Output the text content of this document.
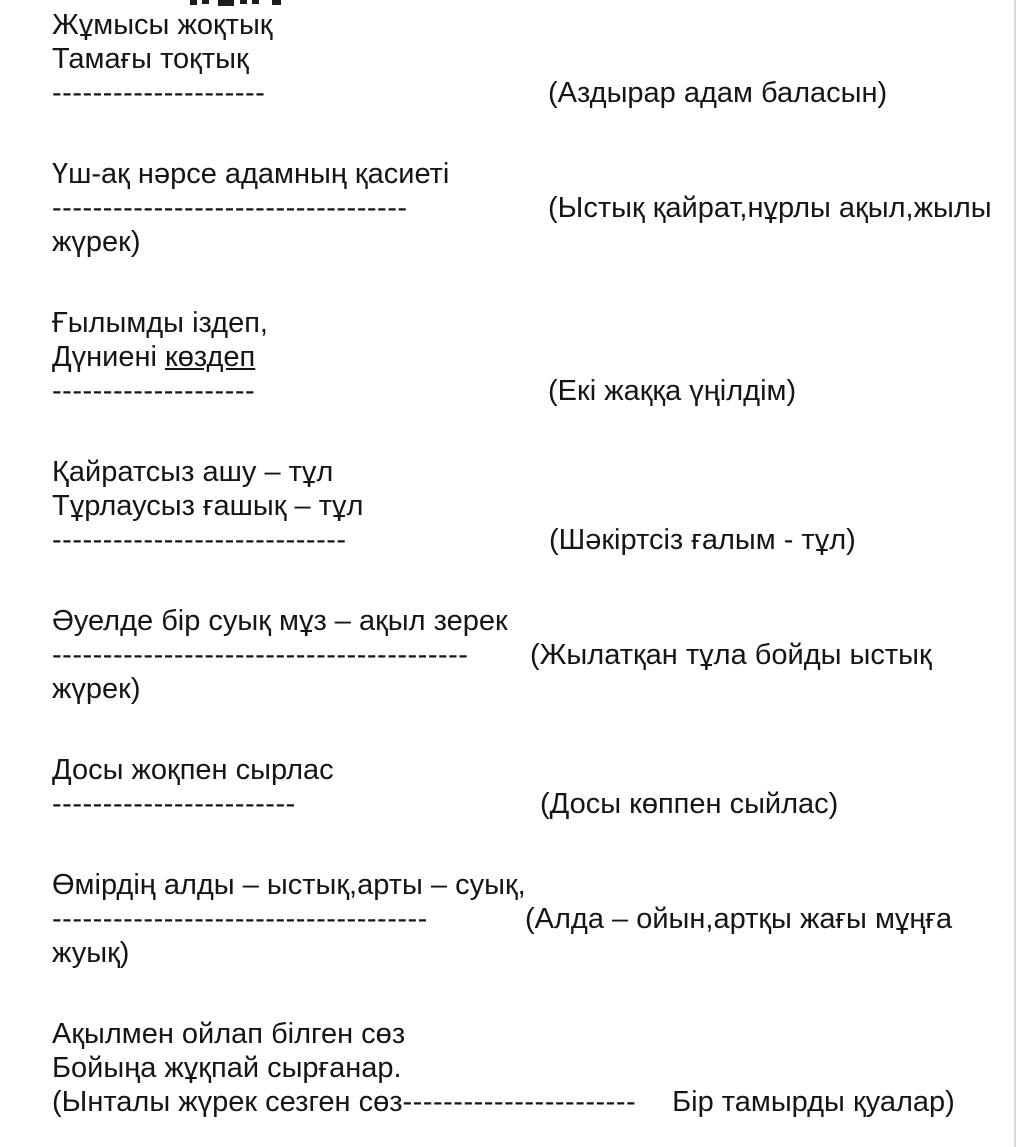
Жұмысы жоқтық
Тамағы тоқтық
---------------------	(Аздырар адам баласын)
Үш-ақ нәрсе адамның қасиеті
-----------------------------------	(Ыстық қайрат,нұрлы ақыл,жылы
жүрек)
Ғылымды іздеп,
Дүниені көздеп
--------------------	(Екі жаққа үңілдім)
Қайратсыз ашу – тұл
Тұрлаусыз ғашық – тұл
-----------------------------	(Шәкіртсіз ғалым - тұл)
Әуелде бір суық мұз – ақыл зерек
----------------------------------------- (Жылатқан тұла бойды ыстық
жүрек)
Досы жоқпен сырлас
------------------------	(Досы көппен сыйлас)
Өмірдің алды – ыстық,арты – суық,
-------------------------------------	(Алда – ойын,артқы жағы мұңға
жуық)
Ақылмен ойлап білген сөз
Бойыңа жұқпай сырғанар.
(Ынталы жүрек сезген сөз----------------------- Бір тамырды қуалар)
